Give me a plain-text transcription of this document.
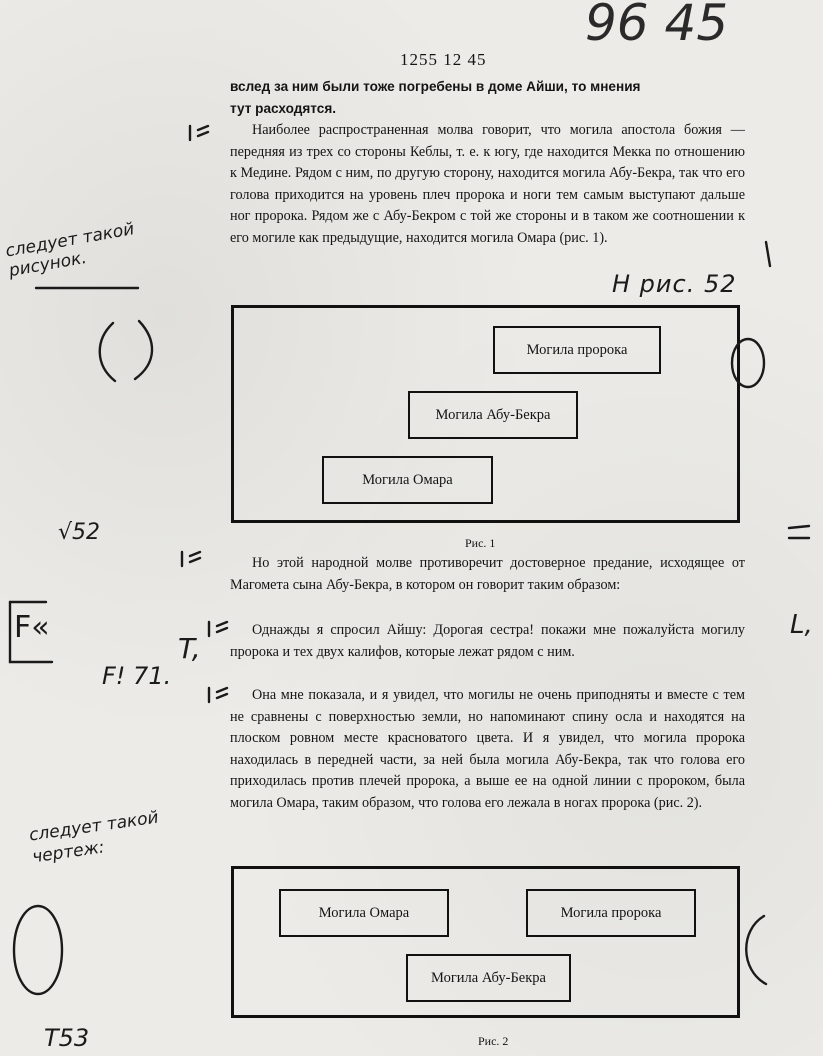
96 45
1255 12 45
вслед за ним были тоже погребены в доме Айши, то мнения
тут расходятся.
Наиболее распространенная молва говорит, что могила апостола божия — передняя из трех со стороны Кеблы, т. е. к югу, где находится Мекка по отношению к Медине. Рядом с ним, по другую сторону, находится могила Абу-Бекра, так что его голова приходится на уровень плеч пророка и ноги тем самым выступают дальше ног пророка. Рядом же с Абу-Бекром с той же стороны и в таком же соотношении к его могиле как предыдущие, находится могила Омара (рис. 1).
Могила пророка
Могила Абу-Бекра
Могила Омара
Рис. 1
Но этой народной молве противоречит достоверное предание, исходящее от Магомета сына Абу-Бекра, в котором он говорит таким образом:
Однажды я спросил Айшу: Дорогая сестра! покажи мне пожалуйста могилу пророка и тех двух калифов, которые лежат рядом с ним.
Она мне показала, и я увидел, что могилы не очень приподняты и вместе с тем не сравнены с поверхностью земли, но напоминают спину осла и находятся на плоском ровном месте красноватого цвета. И я увидел, что могила пророка находилась в передней части, за ней была могила Абу-Бекра, так что голова его приходилась против плечей пророка, а выше ее на одной линии с пророком, была могила Омара, таким образом, что голова его лежала в ногах пророка (рис. 2).
Могила Омара	Могила пророка
Могила Абу-Бекра
Рис. 2
следует такой рисунок.
H рис. 52
√52
F«
F! 71.
T,
L,
следует такой чертеж:
T53
